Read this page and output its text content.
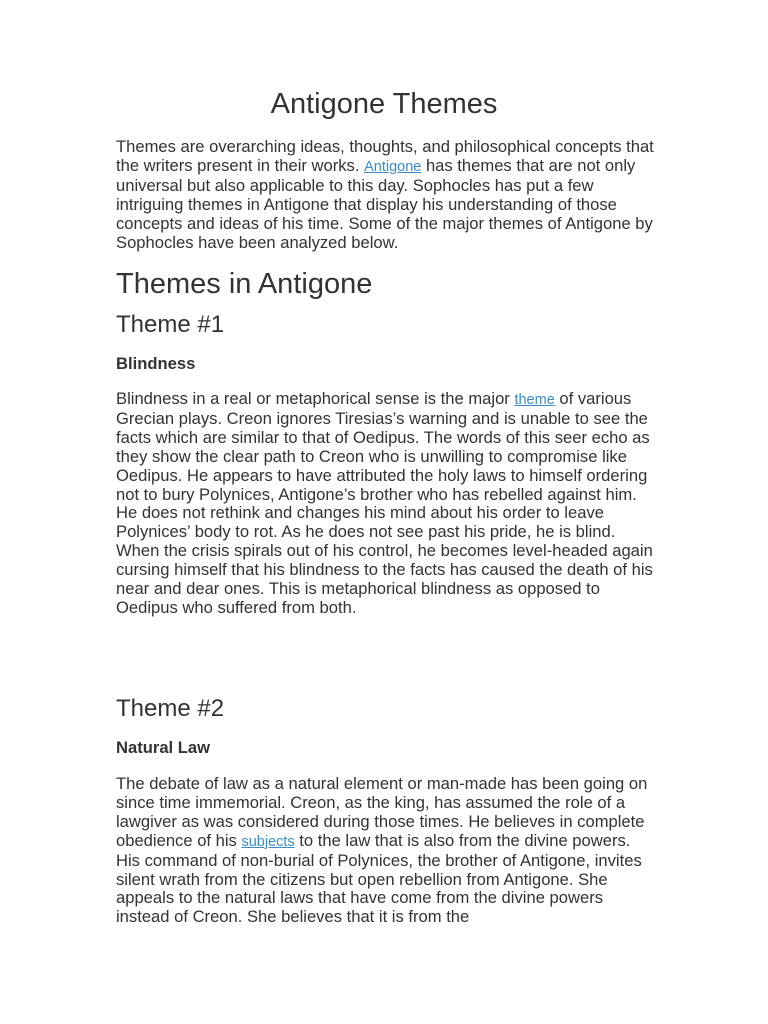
Antigone Themes

Themes are overarching ideas, thoughts, and philosophical concepts that the writers present in their works. Antigone has themes that are not only universal but also applicable to this day. Sophocles has put a few intriguing themes in Antigone that display his understanding of those concepts and ideas of his time. Some of the major themes of Antigone by Sophocles have been analyzed below.

Themes in Antigone
Theme #1
Blindness

Blindness in a real or metaphorical sense is the major theme of various Grecian plays. Creon ignores Tiresias’s warning and is unable to see the facts which are similar to that of Oedipus. The words of this seer echo as they show the clear path to Creon who is unwilling to compromise like Oedipus. He appears to have attributed the holy laws to himself ordering not to bury Polynices, Antigone’s brother who has rebelled against him. He does not rethink and changes his mind about his order to leave Polynices’ body to rot. As he does not see past his pride, he is blind. When the crisis spirals out of his control, he becomes level-headed again cursing himself that his blindness to the facts has caused the death of his near and dear ones. This is metaphorical blindness as opposed to Oedipus who suffered from both.

Theme #2
Natural Law

The debate of law as a natural element or man-made has been going on since time immemorial. Creon, as the king, has assumed the role of a lawgiver as was considered during those times. He believes in complete obedience of his subjects to the law that is also from the divine powers. His command of non-burial of Polynices, the brother of Antigone, invites silent wrath from the citizens but open rebellion from Antigone. She appeals to the natural laws that have come from the divine powers instead of Creon. She believes that it is from the
